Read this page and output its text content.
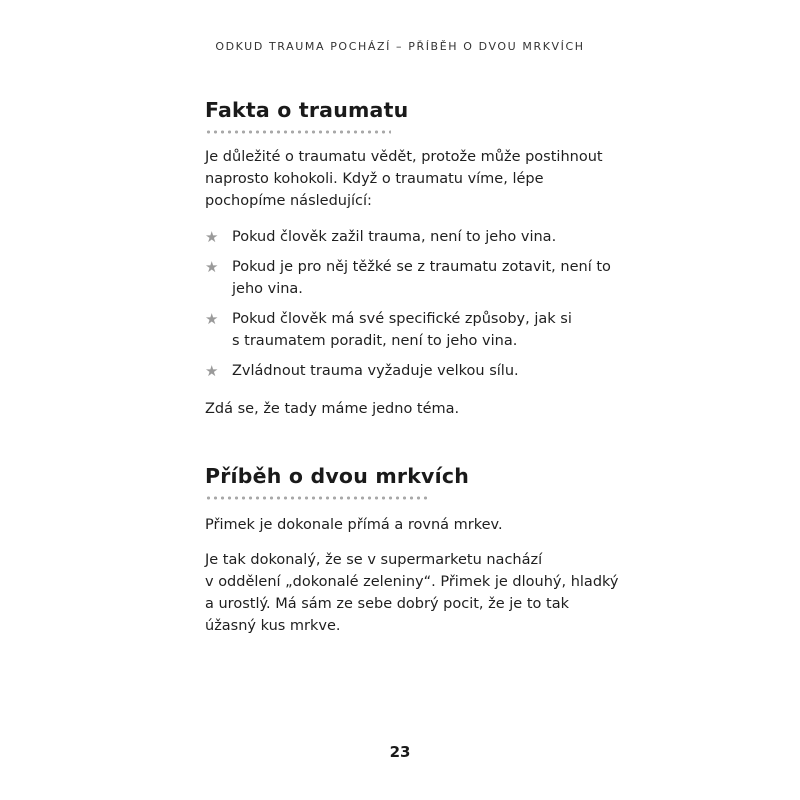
ODKUD TRAUMA POCHÁZÍ – PŘÍBĚH O DVOU MRKVÍCH
Fakta o traumatu

Je důležité o traumatu vědět, protože může postihnout
naprosto kohokoli. Když o traumatu víme, lépe
pochopíme následující:

★ Pokud člověk zažil trauma, není to jeho vina.
★ Pokud je pro něj těžké se z traumatu zotavit, není to
jeho vina.
★ Pokud člověk má své specifické způsoby, jak si
s traumatem poradit, není to jeho vina.
★ Zvládnout trauma vyžaduje velkou sílu.

Zdá se, že tady máme jedno téma.

Příběh o dvou mrkvích

Přimek je dokonale přímá a rovná mrkev.

Je tak dokonalý, že se v supermarketu nachází
v oddělení „dokonalé zeleniny“. Přimek je dlouhý, hladký
a urostlý. Má sám ze sebe dobrý pocit, že je to tak
úžasný kus mrkve.

23
